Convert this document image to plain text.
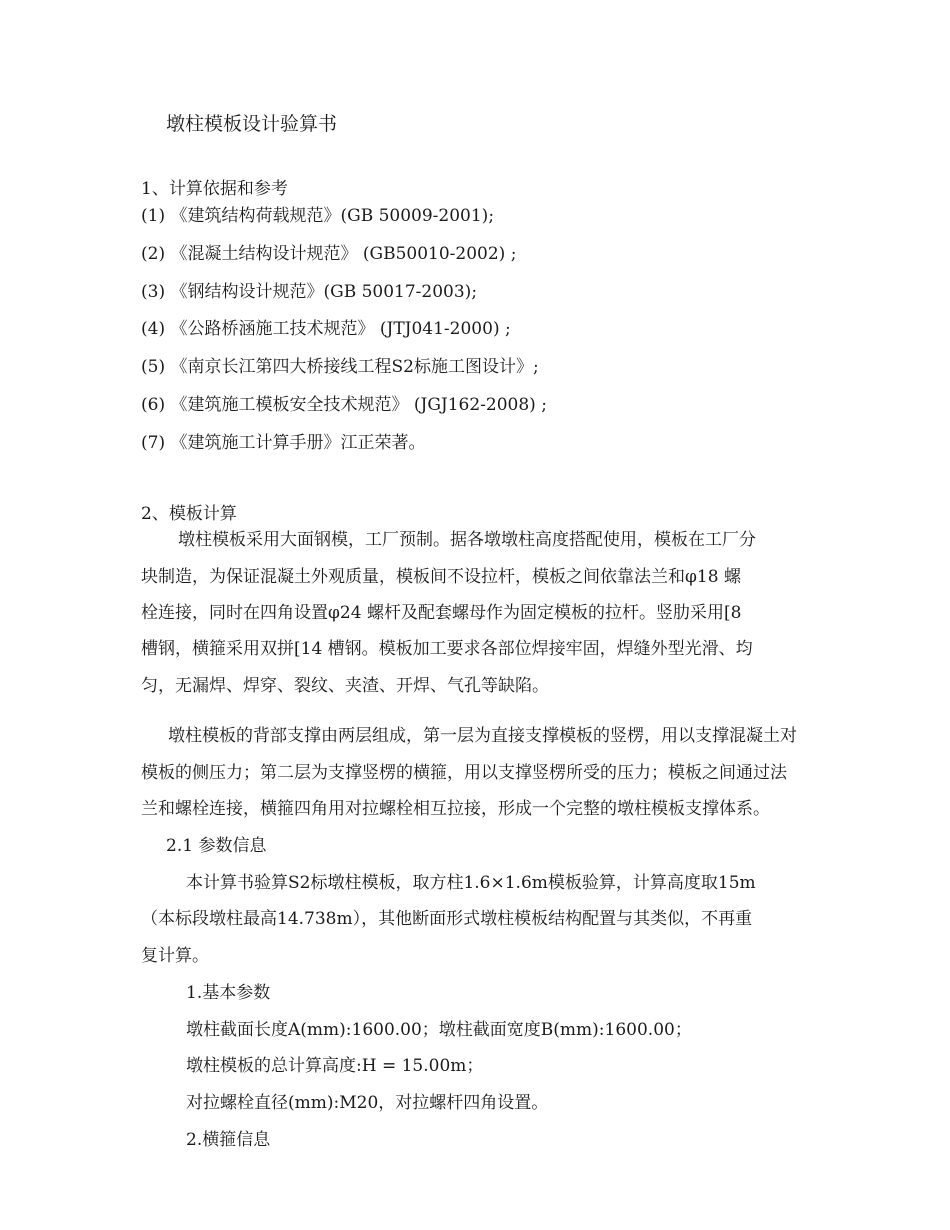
墩柱模板设计验算书
1、计算依据和参考
(1) 《建筑结构荷载规范》(GB 50009-2001);
(2) 《混凝土结构设计规范》 (GB50010-2002) ;
(3) 《钢结构设计规范》(GB 50017-2003);
(4) 《公路桥涵施工技术规范》 (JTJ041-2000) ;
(5) 《南京长江第四大桥接线工程S2标施工图设计》;
(6) 《建筑施工模板安全技术规范》 (JGJ162-2008) ;
(7) 《建筑施工计算手册》江正荣著。
2、模板计算
墩柱模板采用大面钢模，工厂预制。据各墩墩柱高度搭配使用，模板在工厂分
块制造，为保证混凝土外观质量，模板间不设拉杆，模板之间依靠法兰和φ18 螺
栓连接，同时在四角设置φ24 螺杆及配套螺母作为固定模板的拉杆。竖肋采用[8
槽钢，横箍采用双拼[14 槽钢。模板加工要求各部位焊接牢固，焊缝外型光滑、均
匀，无漏焊、焊穿、裂纹、夹渣、开焊、气孔等缺陷。
墩柱模板的背部支撑由两层组成，第一层为直接支撑模板的竖楞，用以支撑混凝土对
模板的侧压力；第二层为支撑竖楞的横箍，用以支撑竖楞所受的压力；模板之间通过法
兰和螺栓连接，横箍四角用对拉螺栓相互拉接，形成一个完整的墩柱模板支撑体系。
2.1 参数信息
本计算书验算S2标墩柱模板，取方柱1.6×1.6m模板验算，计算高度取15m
（本标段墩柱最高14.738m），其他断面形式墩柱模板结构配置与其类似，不再重
复计算。
1.基本参数
墩柱截面长度A(mm):1600.00；墩柱截面宽度B(mm):1600.00；
墩柱模板的总计算高度:H = 15.00m；
对拉螺栓直径(mm):M20，对拉螺杆四角设置。
2.横箍信息
